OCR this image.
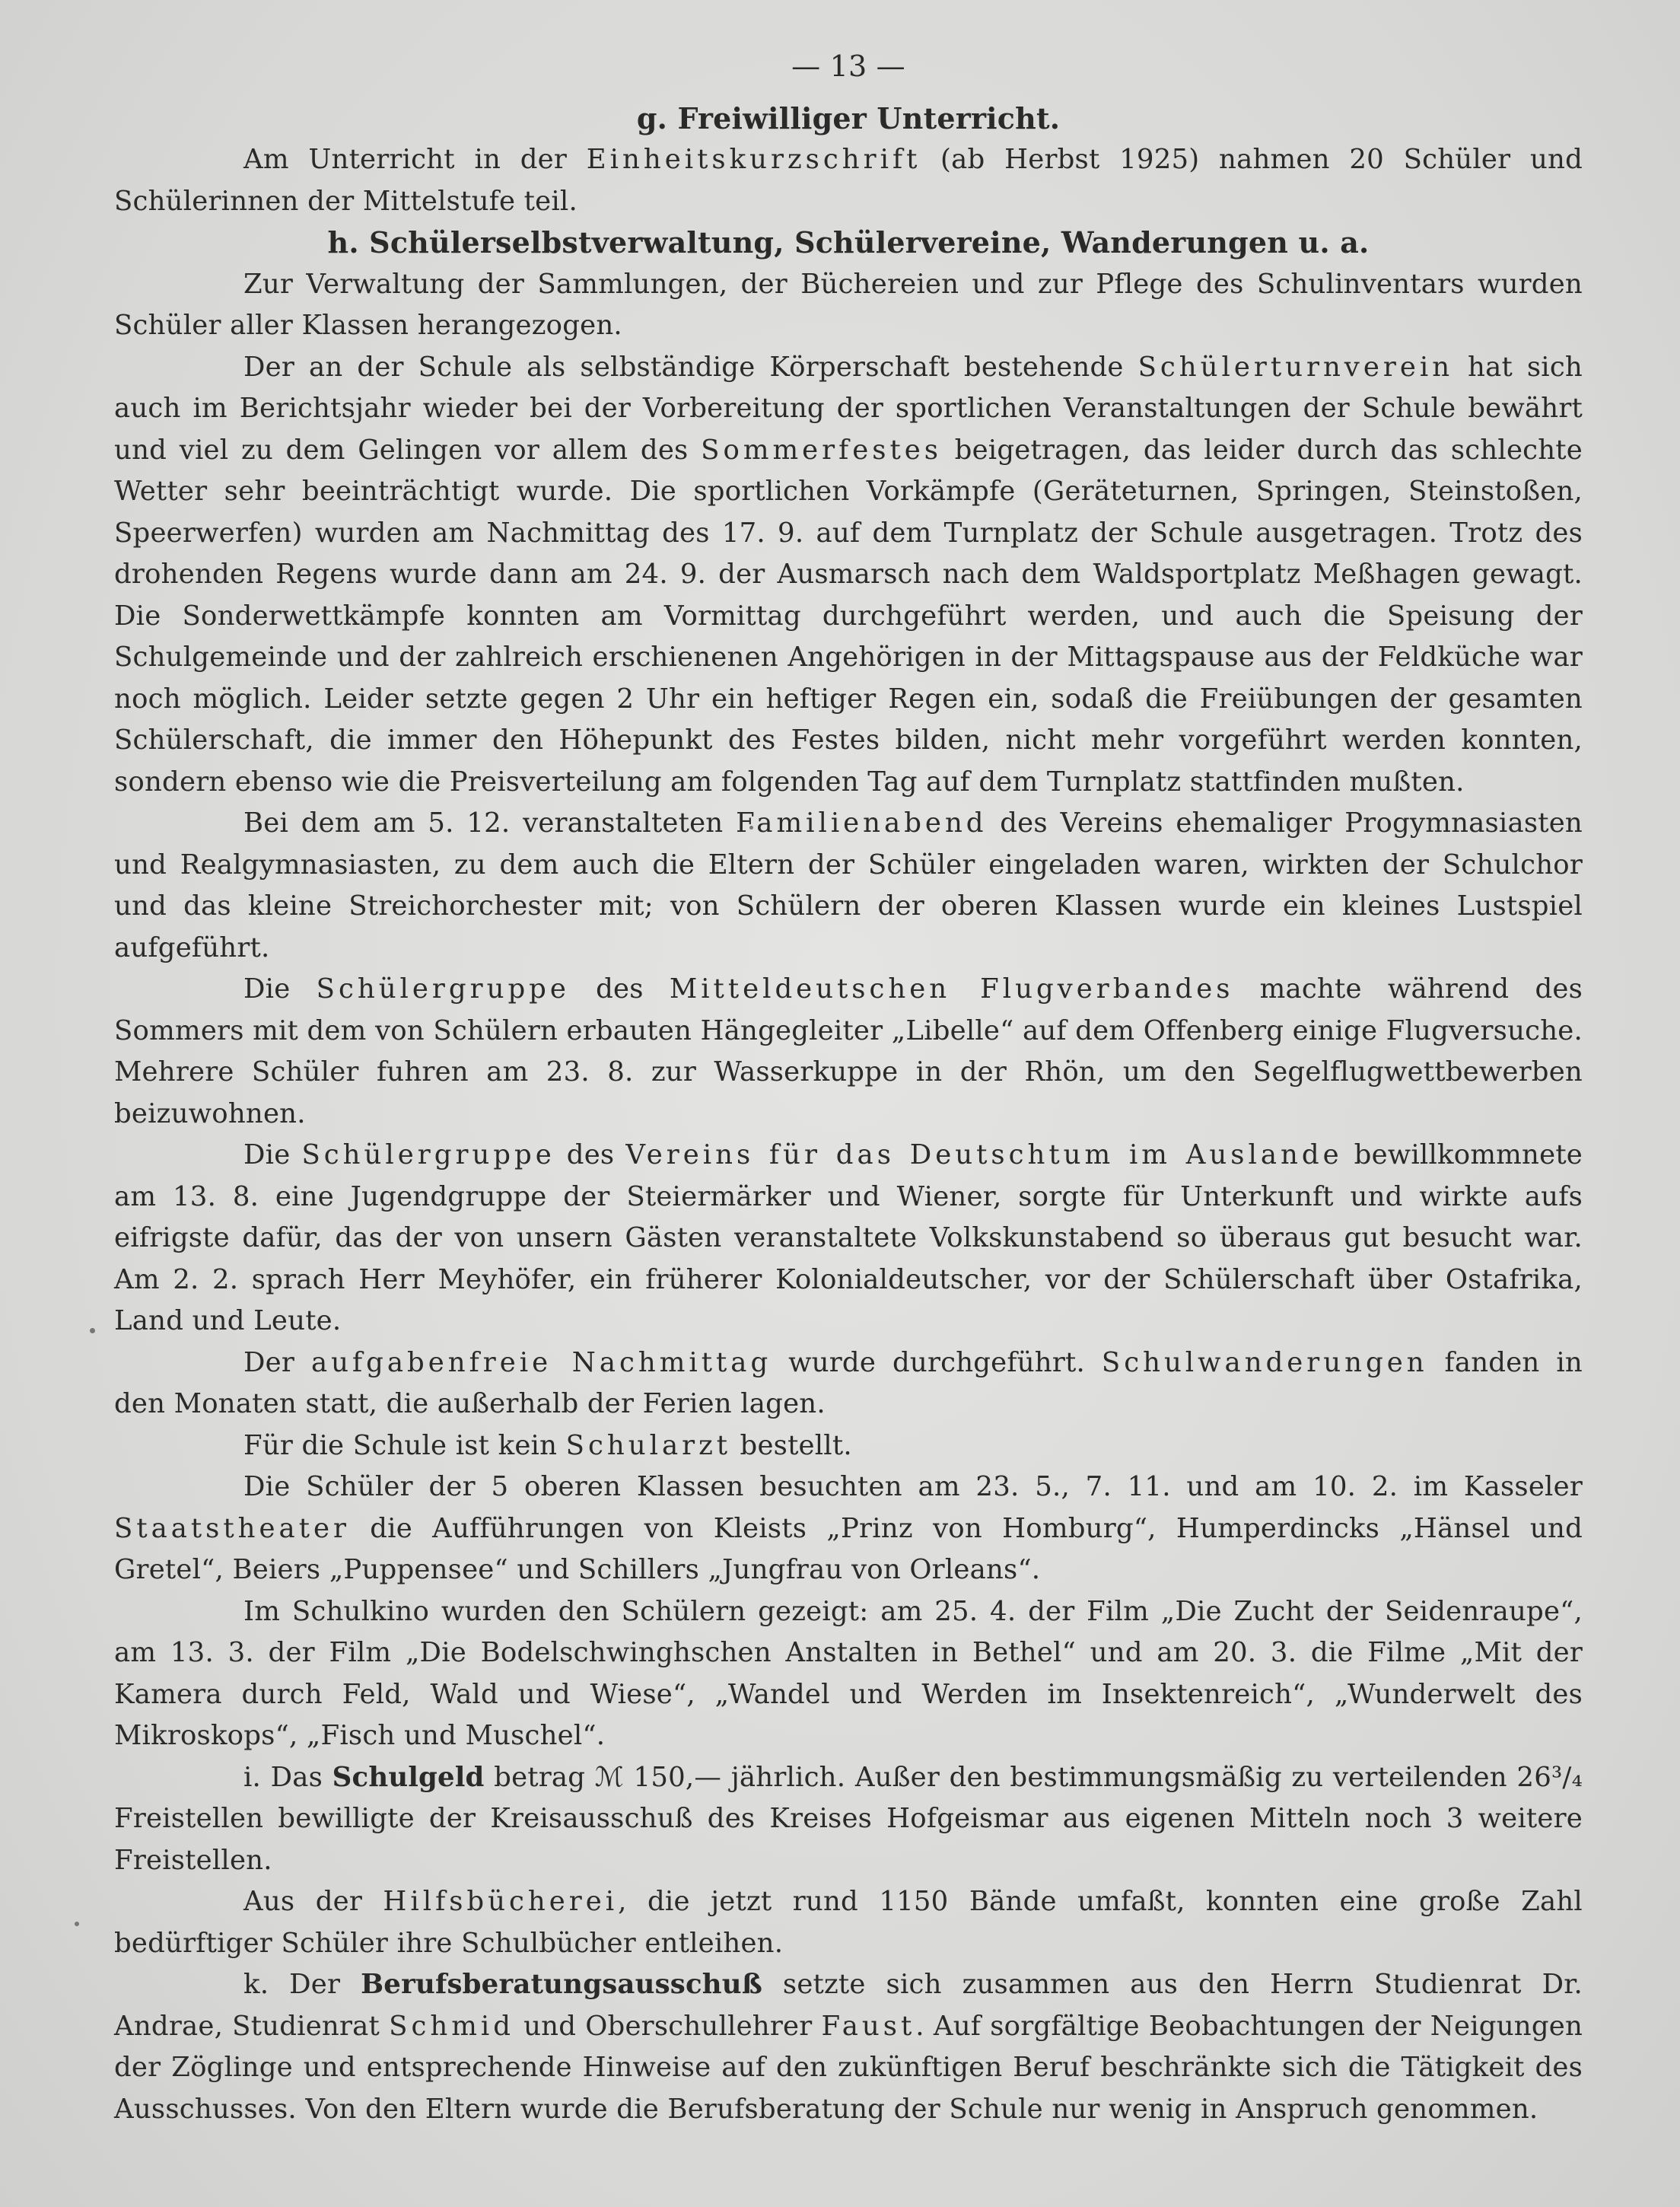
— 13 —
g. Freiwilliger Unterricht.

Am Unterricht in der Einheitskurzschrift (ab Herbst 1925) nahmen 20 Schüler und Schülerinnen der Mittelstufe teil.

h. Schülerselbstverwaltung, Schülervereine, Wanderungen u. a.

Zur Verwaltung der Sammlungen, der Büchereien und zur Pflege des Schulinventars wurden Schüler aller Klassen herangezogen.

Der an der Schule als selbständige Körperschaft bestehende Schülerturnverein hat sich auch im Berichtsjahr wieder bei der Vorbereitung der sportlichen Veranstaltungen der Schule bewährt und viel zu dem Gelingen vor allem des Sommerfestes beigetragen, das leider durch das schlechte Wetter sehr beeinträchtigt wurde. Die sportlichen Vorkämpfe (Geräteturnen, Springen, Steinstoßen, Speerwerfen) wurden am Nachmittag des 17. 9. auf dem Turnplatz der Schule ausgetragen. Trotz des drohenden Regens wurde dann am 24. 9. der Ausmarsch nach dem Waldsportplatz Meßhagen gewagt. Die Sonderwettkämpfe konnten am Vormittag durchgeführt werden, und auch die Speisung der Schulgemeinde und der zahlreich erschienenen Angehörigen in der Mittagspause aus der Feldküche war noch möglich. Leider setzte gegen 2 Uhr ein heftiger Regen ein, sodaß die Freiübungen der gesamten Schülerschaft, die immer den Höhepunkt des Festes bilden, nicht mehr vorgeführt werden konnten, sondern ebenso wie die Preisverteilung am folgenden Tag auf dem Turnplatz stattfinden mußten.

Bei dem am 5. 12. veranstalteten Familienabend des Vereins ehemaliger Progymnasiasten und Realgymnasiasten, zu dem auch die Eltern der Schüler eingeladen waren, wirkten der Schulchor und das kleine Streichorchester mit; von Schülern der oberen Klassen wurde ein kleines Lustspiel aufgeführt.

Die Schülergruppe des Mitteldeutschen Flugverbandes machte während des Sommers mit dem von Schülern erbauten Hängegleiter „Libelle“ auf dem Offenberg einige Flugversuche. Mehrere Schüler fuhren am 23. 8. zur Wasserkuppe in der Rhön, um den Segelflugwettbewerben beizuwohnen.

Die Schülergruppe des Vereins für das Deutschtum im Auslande bewillkommnete am 13. 8. eine Jugendgruppe der Steiermärker und Wiener, sorgte für Unterkunft und wirkte aufs eifrigste dafür, das der von unsern Gästen veranstaltete Volkskunstabend so überaus gut besucht war. Am 2. 2. sprach Herr Meyhöfer, ein früherer Kolonialdeutscher, vor der Schülerschaft über Ostafrika, Land und Leute.

Der aufgabenfreie Nachmittag wurde durchgeführt. Schulwanderungen fanden in den Monaten statt, die außerhalb der Ferien lagen.

Für die Schule ist kein Schularzt bestellt.

Die Schüler der 5 oberen Klassen besuchten am 23. 5., 7. 11. und am 10. 2. im Kasseler Staatstheater die Aufführungen von Kleists „Prinz von Homburg“, Humperdincks „Hänsel und Gretel“, Beiers „Puppensee“ und Schillers „Jungfrau von Orleans“.

Im Schulkino wurden den Schülern gezeigt: am 25. 4. der Film „Die Zucht der Seidenraupe“, am 13. 3. der Film „Die Bodelschwinghschen Anstalten in Bethel“ und am 20. 3. die Filme „Mit der Kamera durch Feld, Wald und Wiese“, „Wandel und Werden im Insektenreich“, „Wunderwelt des Mikroskops“, „Fisch und Muschel“.

i. Das Schulgeld betrag ℳ 150,— jährlich. Außer den bestimmungsmäßig zu verteilenden 26³/₄ Freistellen bewilligte der Kreisausschuß des Kreises Hofgeismar aus eigenen Mitteln noch 3 weitere Freistellen.

Aus der Hilfsbücherei, die jetzt rund 1150 Bände umfaßt, konnten eine große Zahl bedürftiger Schüler ihre Schulbücher entleihen.

k. Der Berufsberatungsausschuß setzte sich zusammen aus den Herrn Studienrat Dr. Andrae, Studienrat Schmid und Oberschullehrer Faust. Auf sorgfältige Beobachtungen der Neigungen der Zöglinge und entsprechende Hinweise auf den zukünftigen Beruf beschränkte sich die Tätigkeit des Ausschusses. Von den Eltern wurde die Berufsberatung der Schule nur wenig in Anspruch genommen.
